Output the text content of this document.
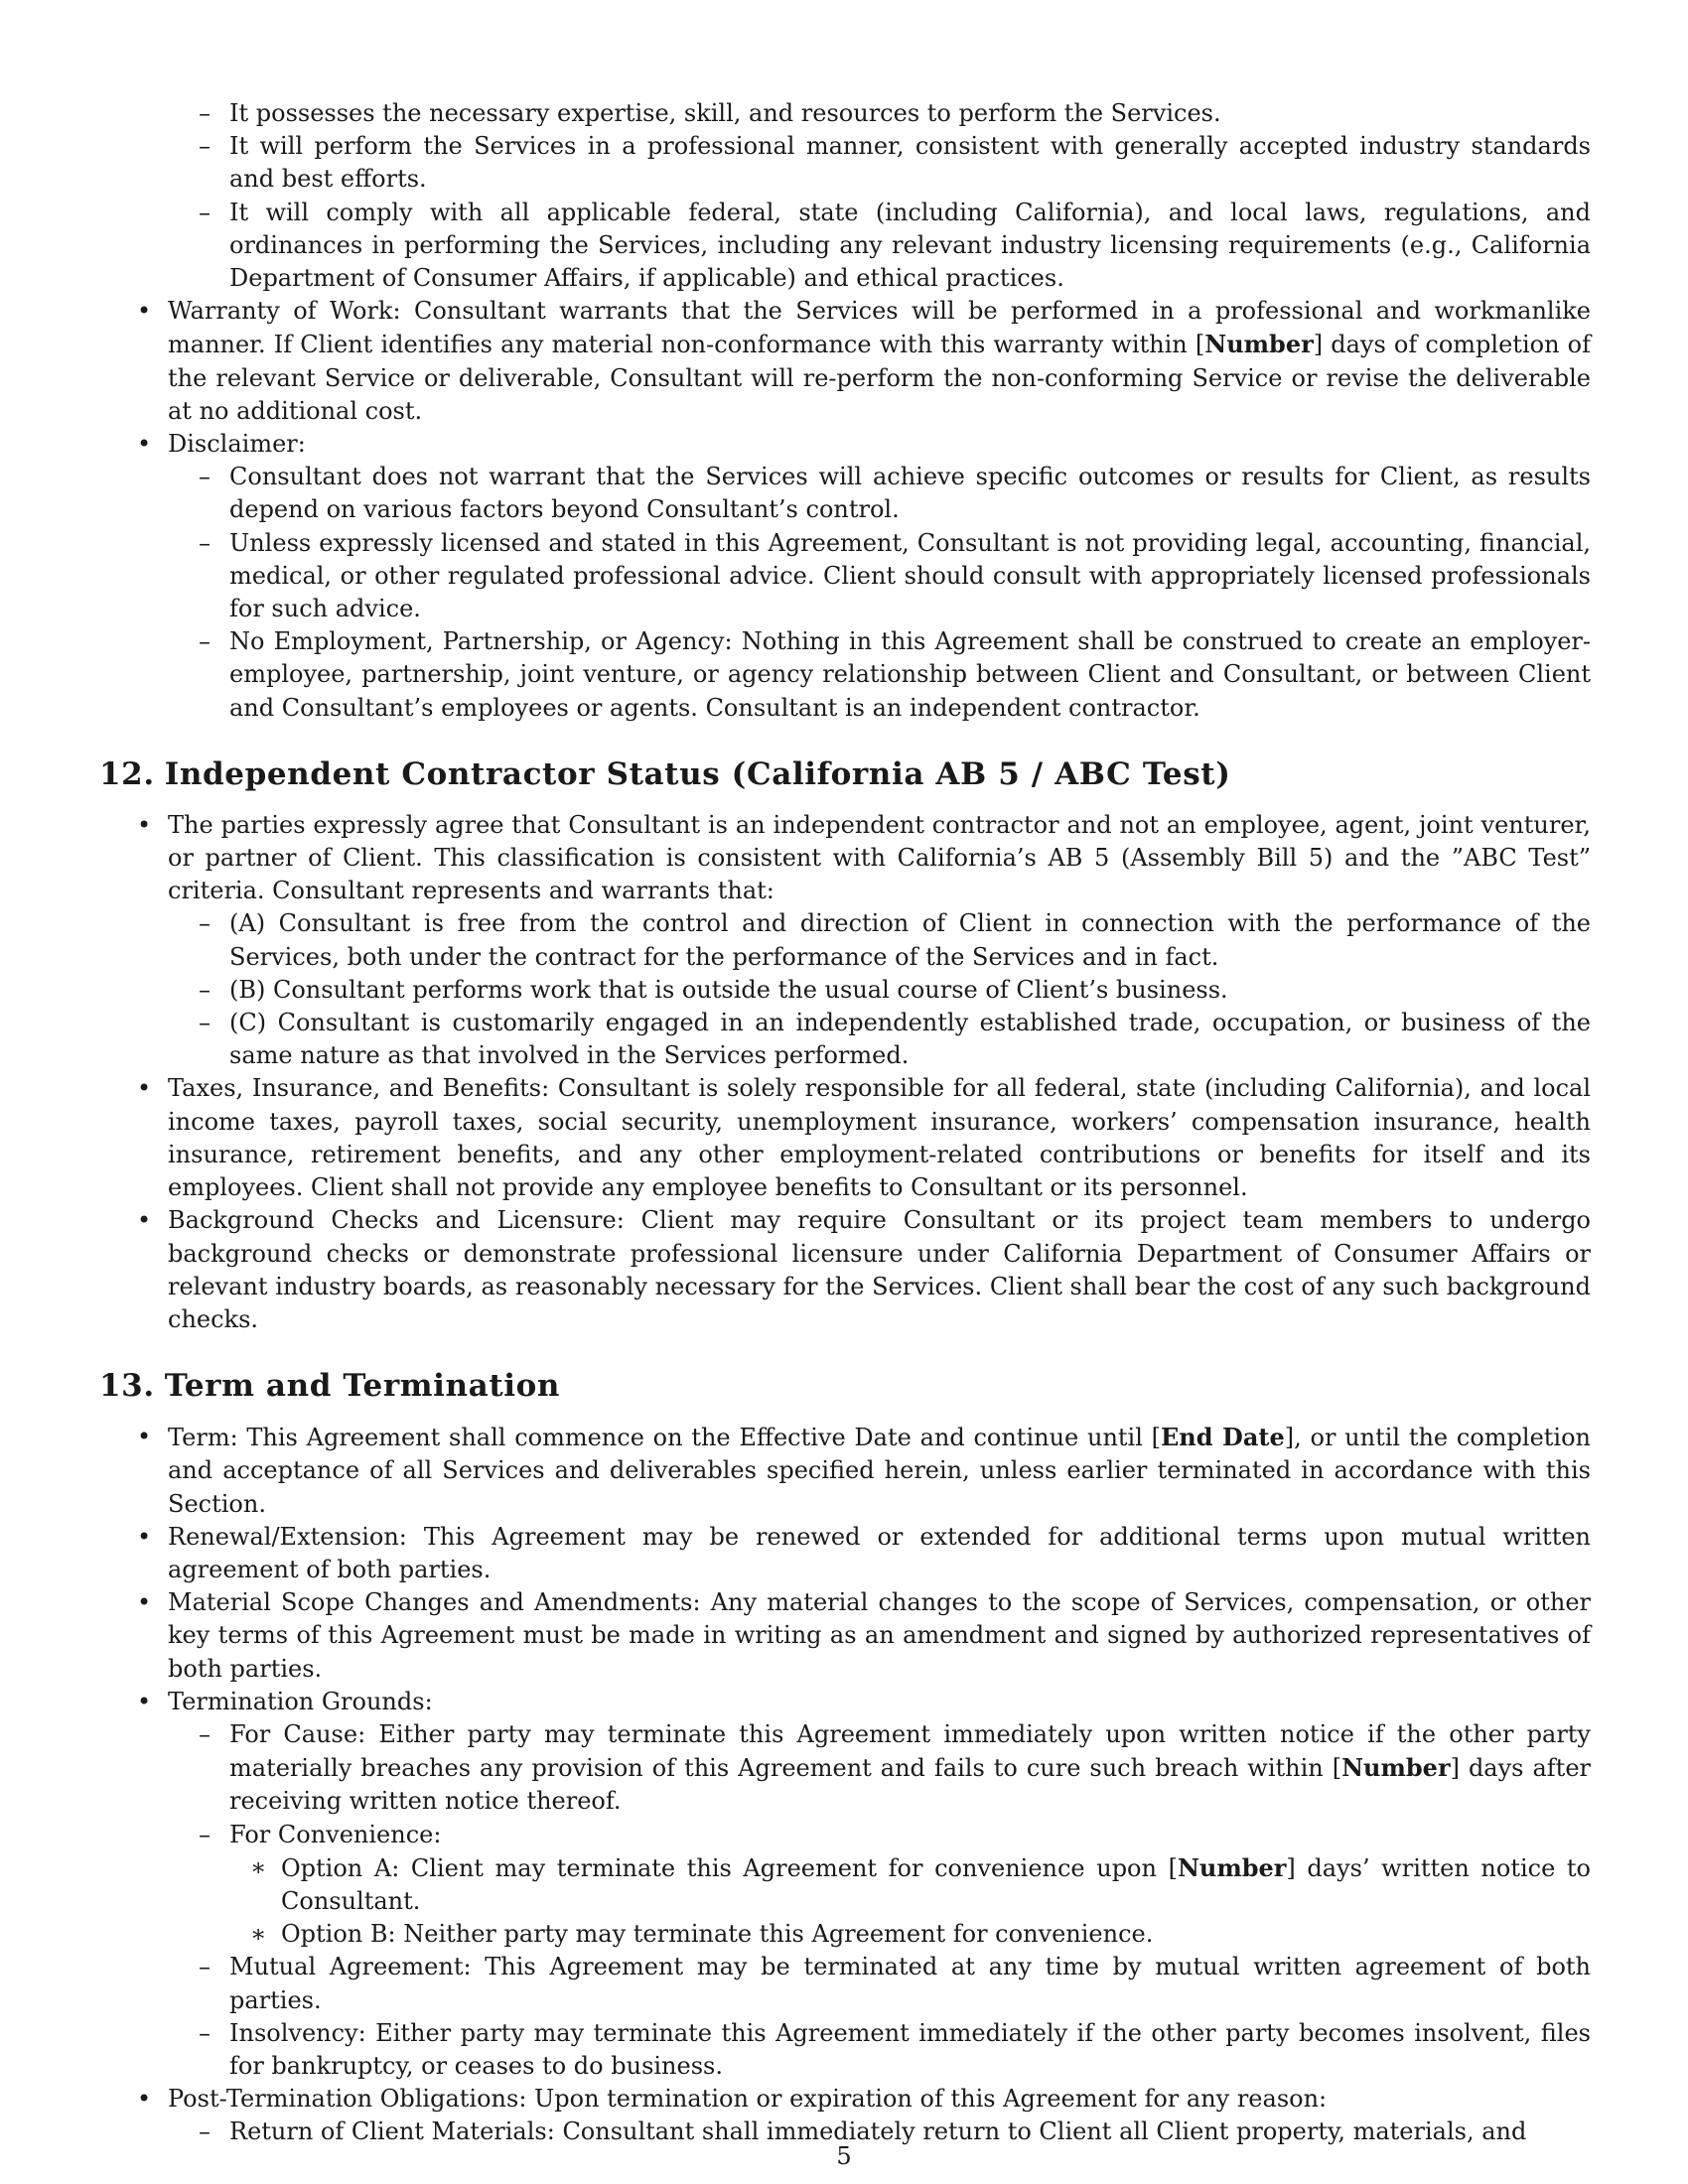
– It possesses the necessary expertise, skill, and resources to perform the Services.
– It will perform the Services in a professional manner, consistent with generally accepted industry standards and best efforts.
– It will comply with all applicable federal, state (including California), and local laws, regulations, and ordinances in performing the Services, including any relevant industry licensing requirements (e.g., California Department of Consumer Affairs, if applicable) and ethical practices.
• Warranty of Work: Consultant warrants that the Services will be performed in a professional and workmanlike manner. If Client identifies any material non-conformance with this warranty within [Number] days of completion of the relevant Service or deliverable, Consultant will re-perform the non-conforming Service or revise the deliverable at no additional cost.
• Disclaimer:
– Consultant does not warrant that the Services will achieve specific outcomes or results for Client, as results depend on various factors beyond Consultant’s control.
– Unless expressly licensed and stated in this Agreement, Consultant is not providing legal, accounting, financial, medical, or other regulated professional advice. Client should consult with appropriately licensed professionals for such advice.
– No Employment, Partnership, or Agency: Nothing in this Agreement shall be construed to create an employer-employee, partnership, joint venture, or agency relationship between Client and Consultant, or between Client and Consultant’s employees or agents. Consultant is an independent contractor.
12. Independent Contractor Status (California AB 5 / ABC Test)
• The parties expressly agree that Consultant is an independent contractor and not an employee, agent, joint venturer, or partner of Client. This classification is consistent with California’s AB 5 (Assembly Bill 5) and the ”ABC Test” criteria. Consultant represents and warrants that:
– (A) Consultant is free from the control and direction of Client in connection with the performance of the Services, both under the contract for the performance of the Services and in fact.
– (B) Consultant performs work that is outside the usual course of Client’s business.
– (C) Consultant is customarily engaged in an independently established trade, occupation, or business of the same nature as that involved in the Services performed.
• Taxes, Insurance, and Benefits: Consultant is solely responsible for all federal, state (including California), and local income taxes, payroll taxes, social security, unemployment insurance, workers’ compensation insurance, health insurance, retirement benefits, and any other employment-related contributions or benefits for itself and its employees. Client shall not provide any employee benefits to Consultant or its personnel.
• Background Checks and Licensure: Client may require Consultant or its project team members to undergo background checks or demonstrate professional licensure under California Department of Consumer Affairs or relevant industry boards, as reasonably necessary for the Services. Client shall bear the cost of any such background checks.
13. Term and Termination
• Term: This Agreement shall commence on the Effective Date and continue until [End Date], or until the completion and acceptance of all Services and deliverables specified herein, unless earlier terminated in accordance with this Section.
• Renewal/Extension: This Agreement may be renewed or extended for additional terms upon mutual written agreement of both parties.
• Material Scope Changes and Amendments: Any material changes to the scope of Services, compensation, or other key terms of this Agreement must be made in writing as an amendment and signed by authorized representatives of both parties.
• Termination Grounds:
– For Cause: Either party may terminate this Agreement immediately upon written notice if the other party materially breaches any provision of this Agreement and fails to cure such breach within [Number] days after receiving written notice thereof.
– For Convenience:
∗ Option A: Client may terminate this Agreement for convenience upon [Number] days’ written notice to Consultant.
∗ Option B: Neither party may terminate this Agreement for convenience.
– Mutual Agreement: This Agreement may be terminated at any time by mutual written agreement of both parties.
– Insolvency: Either party may terminate this Agreement immediately if the other party becomes insolvent, files for bankruptcy, or ceases to do business.
• Post-Termination Obligations: Upon termination or expiration of this Agreement for any reason:
– Return of Client Materials: Consultant shall immediately return to Client all Client property, materials, and
5
